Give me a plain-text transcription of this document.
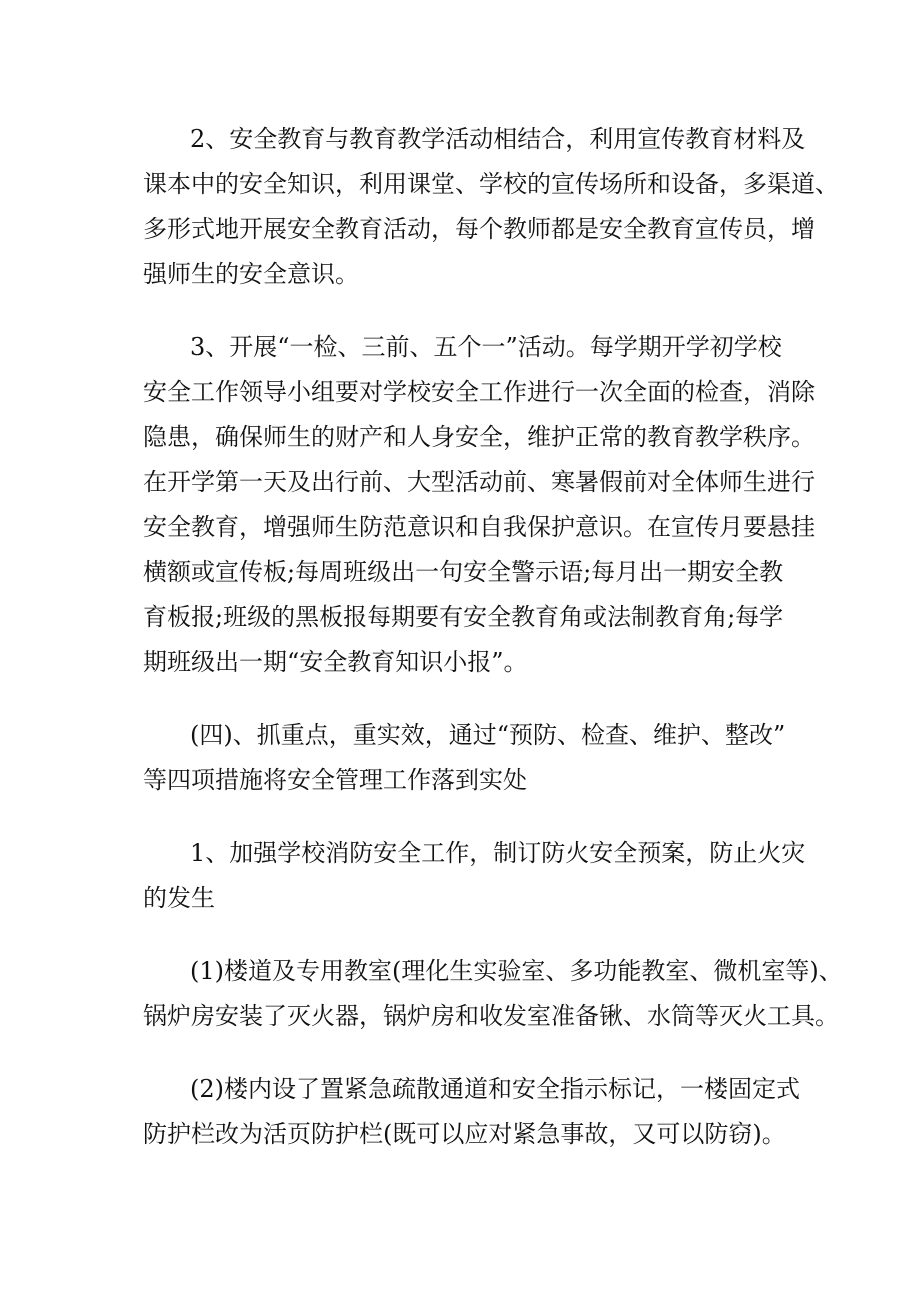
2、安全教育与教育教学活动相结合，利用宣传教育材料及
课本中的安全知识，利用课堂、学校的宣传场所和设备，多渠道、
多形式地开展安全教育活动，每个教师都是安全教育宣传员，增
强师生的安全意识。
3、开展“一检、三前、五个一”活动。每学期开学初学校
安全工作领导小组要对学校安全工作进行一次全面的检查，消除
隐患，确保师生的财产和人身安全，维护正常的教育教学秩序。
在开学第一天及出行前、大型活动前、寒暑假前对全体师生进行
安全教育，增强师生防范意识和自我保护意识。在宣传月要悬挂
横额或宣传板;每周班级出一句安全警示语;每月出一期安全教
育板报;班级的黑板报每期要有安全教育角或法制教育角;每学
期班级出一期“安全教育知识小报”。
(四)、抓重点，重实效，通过“预防、检查、维护、整改”
等四项措施将安全管理工作落到实处
1、加强学校消防安全工作，制订防火安全预案，防止火灾
的发生
(1)楼道及专用教室(理化生实验室、多功能教室、微机室等)、
锅炉房安装了灭火器，锅炉房和收发室准备锹、水筒等灭火工具。
(2)楼内设了置紧急疏散通道和安全指示标记，一楼固定式
防护栏改为活页防护栏(既可以应对紧急事故，又可以防窃)。
